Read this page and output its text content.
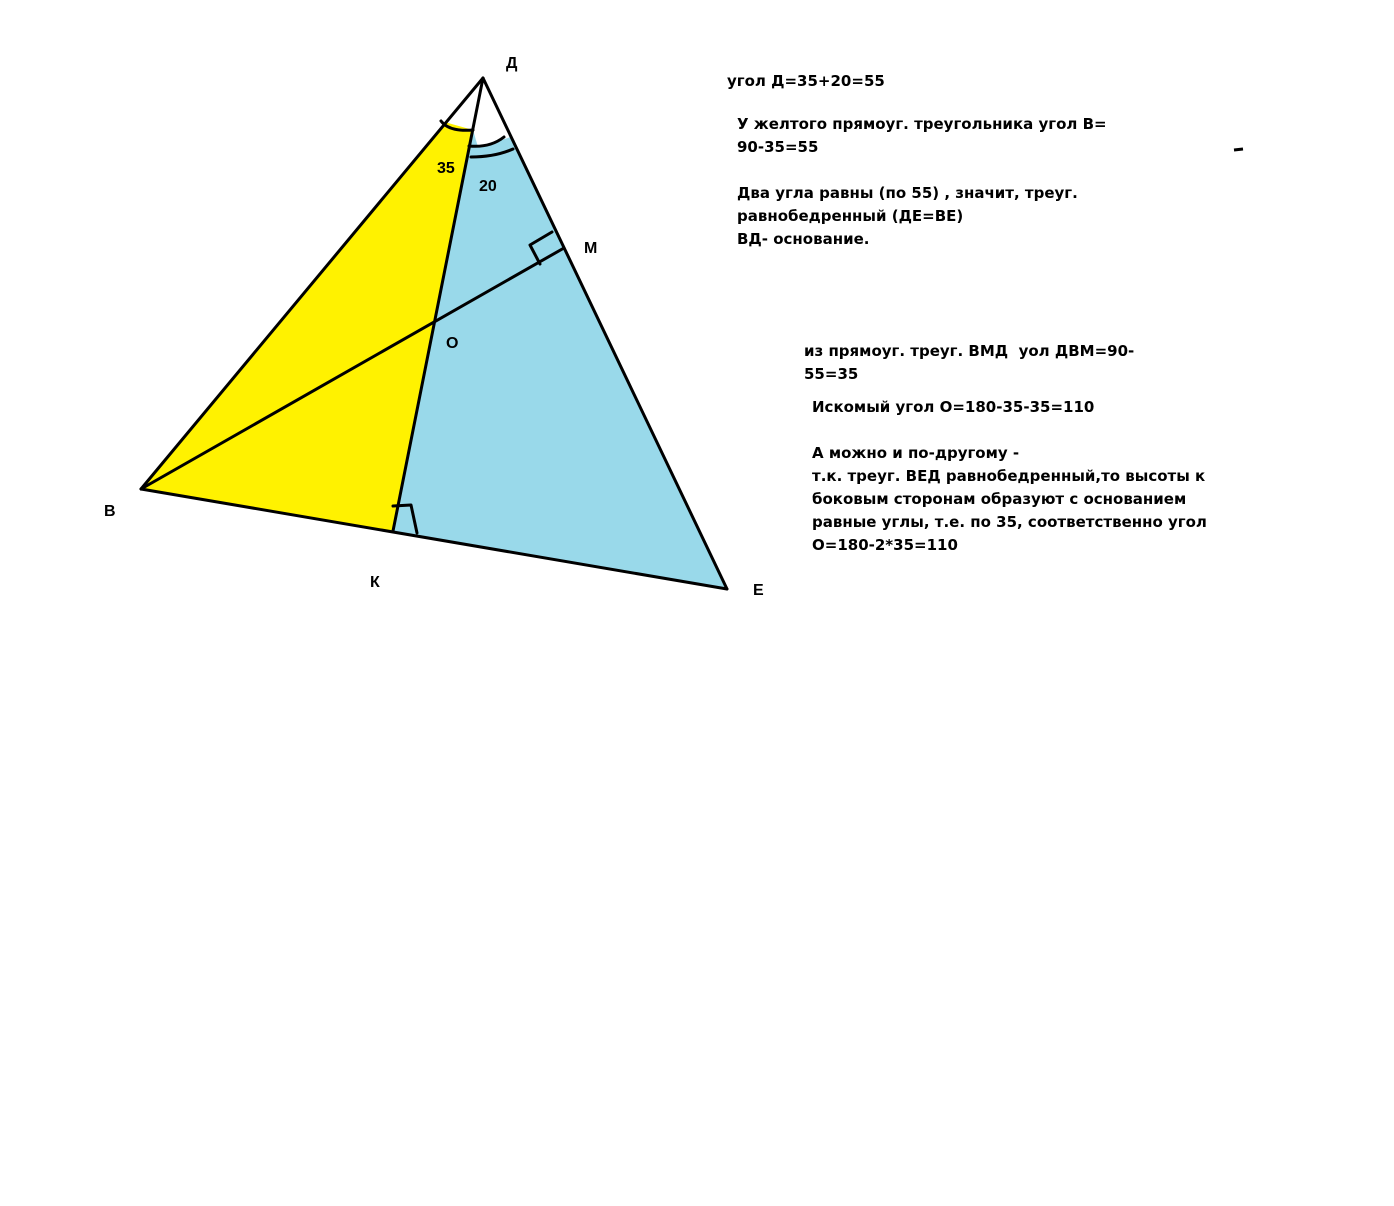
Д
М
О
В
К	Е
35
20

угол Д=35+20=55

У желтого прямоуг. треугольника угол В=
90-35=55

Два угла равны (по 55) , значит, треуг.
равнобедренный (ДЕ=ВЕ)
ВД- основание.

из прямоуг. треуг. ВМД  уол ДВМ=90-
55=35

Искомый угол О=180-35-35=110

А можно и по-другому -
т.к. треуг. ВЕД равнобедренный,то высоты к
боковым сторонам образуют с основанием
равные углы, т.е. по 35, соответственно угол
О=180-2*35=110
